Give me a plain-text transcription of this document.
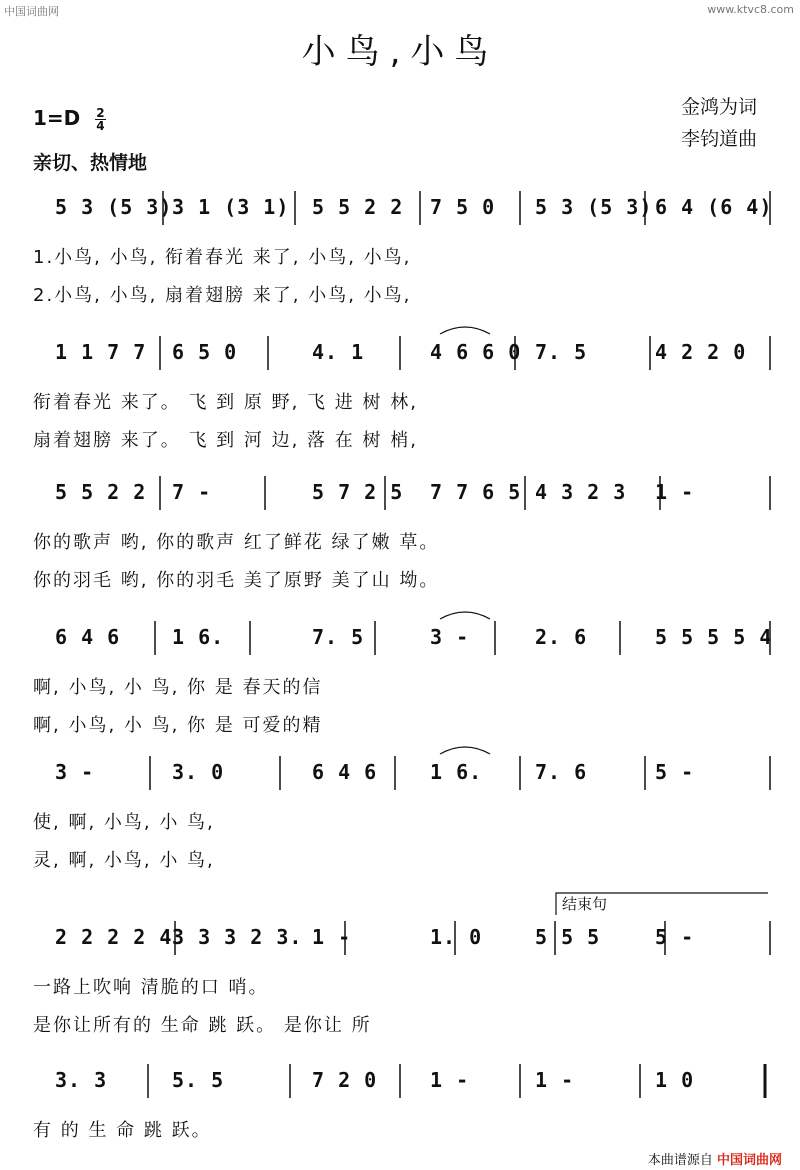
中国词曲网	www.ktvc8.com
小鸟,小鸟
$1=D \frac{2}{4}$
亲切、热情地
金鸿为词
李钧道曲
5 3 (5 3) 3 1 (3 1) 5 5 2 2 7 5 0 5 3 (5 3) 6 4 (6 4)
1.小鸟, 小鸟, 衔着春光 来了, 小鸟, 小鸟,
2.小鸟, 小鸟, 扇着翅膀 来了, 小鸟, 小鸟,
1 1 7 7 6 5 0	4. 1	4 6 6 0 7. 5	4 2 2 0
衔着春光 来了。 飞 到 原 野, 飞 进 树 林,
扇着翅膀 来了。 飞 到 河 边, 落 在 树 梢,
5 5 2 2 7 -	5 7 2 5 7 7 6 5 4 3 2 3 1 -
你的歌声 哟, 你的歌声 红了鲜花 绿了嫩 草。
你的羽毛 哟, 你的羽毛 美了原野 美了山 坳。
6 4 6	1 6.	7. 5	3 -	2. 6	5 5 5 5 4
啊, 小鸟, 小 鸟, 你 是 春天的信
啊, 小鸟, 小 鸟, 你 是 可爱的精
3 -	3. 0	6 4 6	1 6.	7. 6	5 -
使, 啊, 小鸟, 小 鸟,
灵, 啊, 小鸟, 小 鸟,
2 2 2 2 4 3 3 3 2 3. 1 -	1. 0	5 5 5	5 -
一路上吹响 清脆的口 哨。
是你让所有的 生命 跳 跃。 是你让 所
3. 3	5. 5	7 2 0	1 -	1 -	1 0
有 的 生 命 跳 跃。
结束句
本曲谱源自 中国词曲网
